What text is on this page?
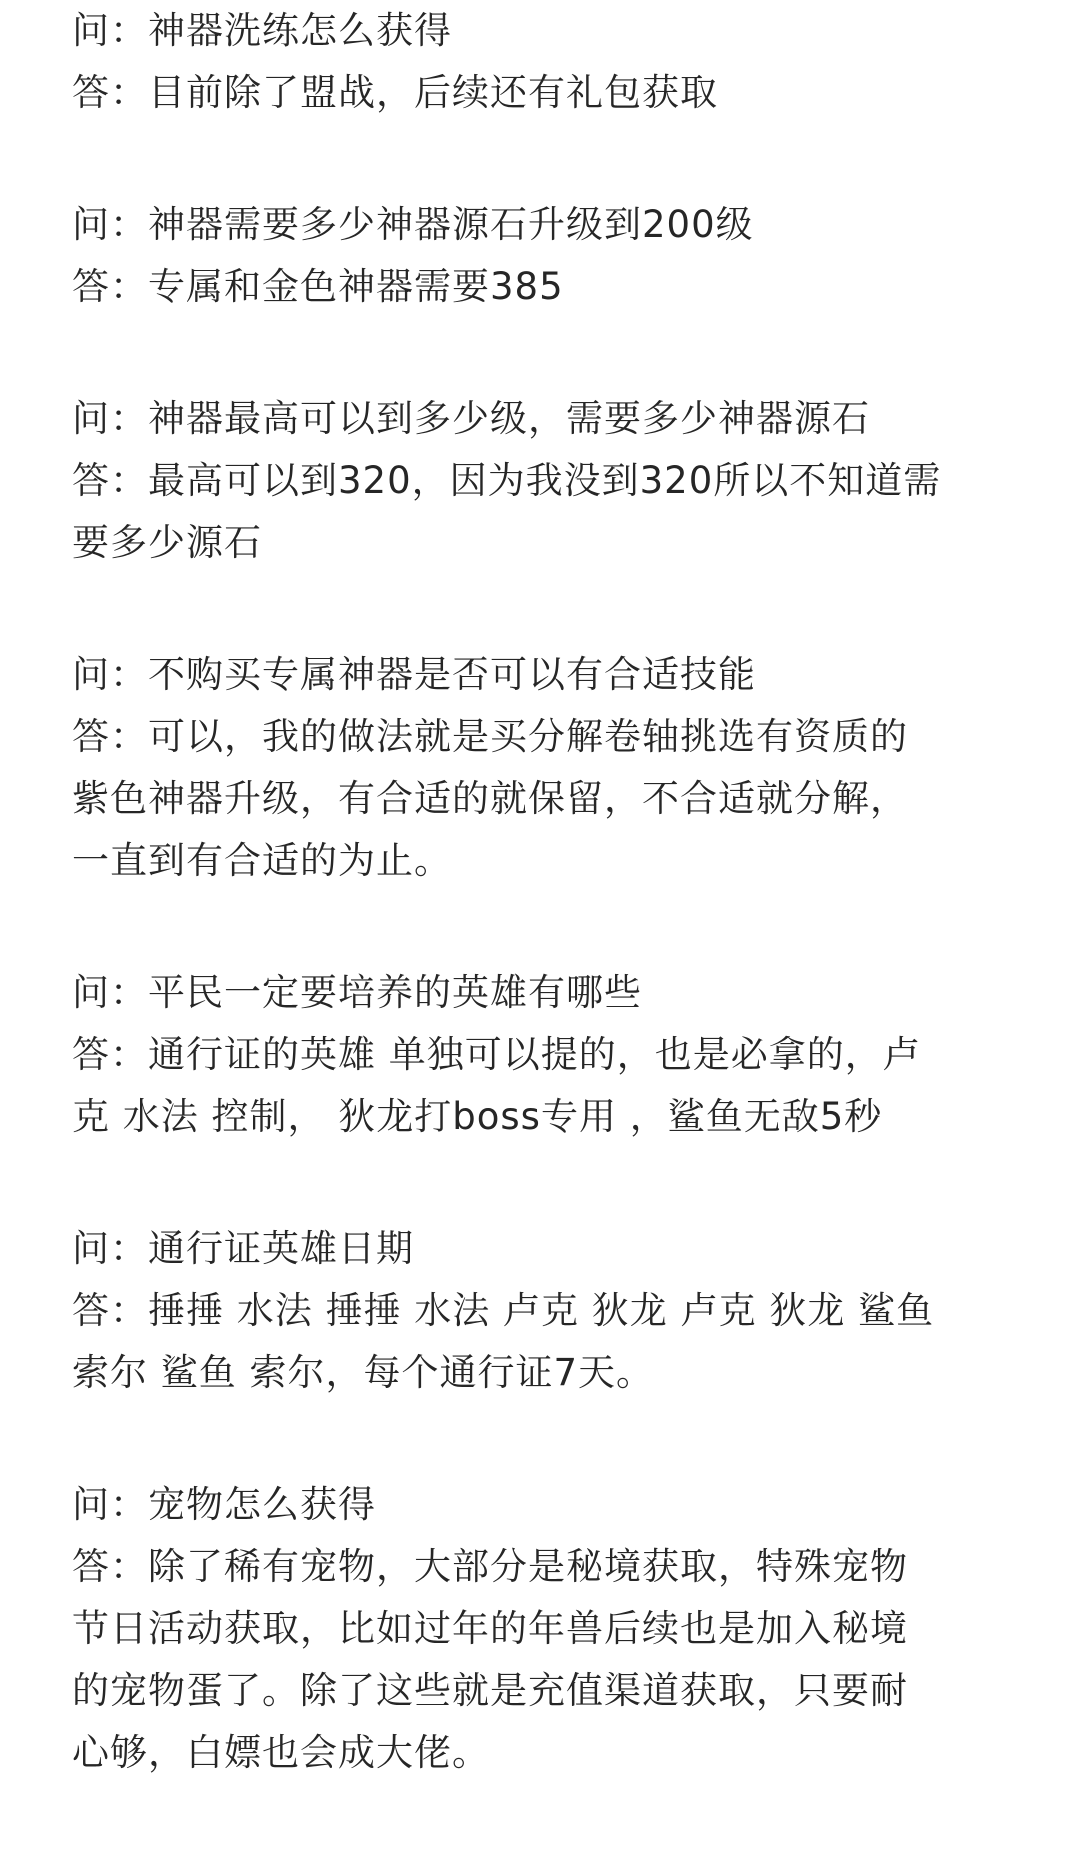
问：神器洗练怎么获得
答：目前除了盟战，后续还有礼包获取
问：神器需要多少神器源石升级到200级
答：专属和金色神器需要385
问：神器最高可以到多少级，需要多少神器源石
答：最高可以到320，因为我没到320所以不知道需
要多少源石
问：不购买专属神器是否可以有合适技能
答：可以，我的做法就是买分解卷轴挑选有资质的
紫色神器升级，有合适的就保留，不合适就分解，
一直到有合适的为止。
问：平民一定要培养的英雄有哪些
答：通行证的英雄 单独可以提的，也是必拿的，卢
克 水法 控制， 狄龙打boss专用 ，鲨鱼无敌5秒
问：通行证英雄日期
答：捶捶 水法 捶捶 水法 卢克 狄龙 卢克 狄龙 鲨鱼
索尔 鲨鱼 索尔，每个通行证7天。
问：宠物怎么获得
答：除了稀有宠物，大部分是秘境获取，特殊宠物
节日活动获取，比如过年的年兽后续也是加入秘境
的宠物蛋了。除了这些就是充值渠道获取，只要耐
心够，白嫖也会成大佬。
